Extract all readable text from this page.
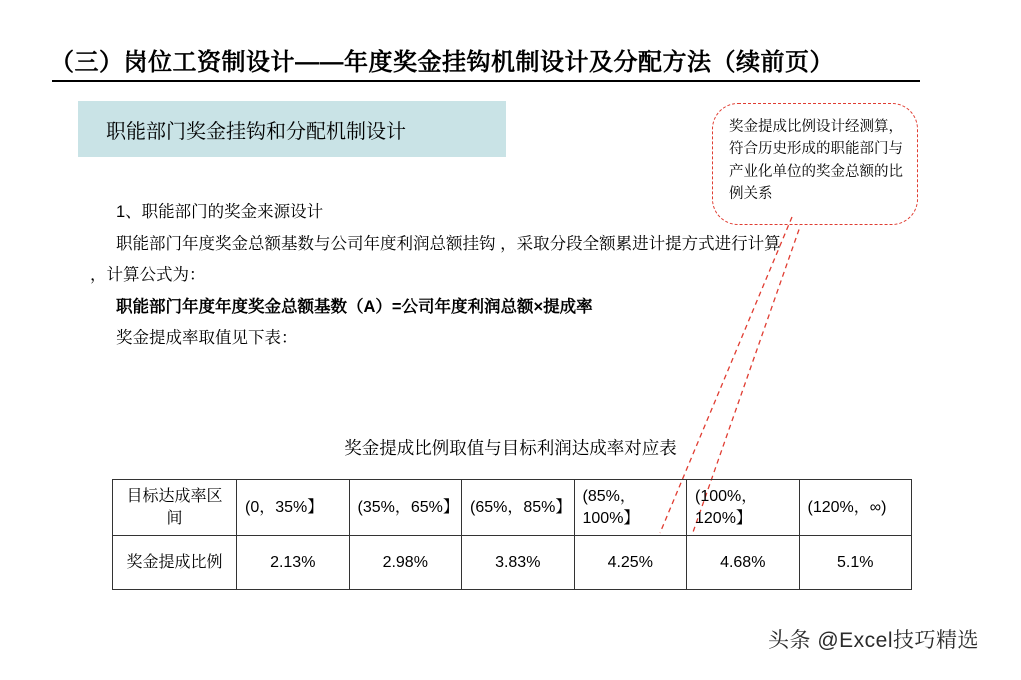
（三）岗位工资制设计——年度奖金挂钩机制设计及分配方法（续前页）
职能部门奖金挂钩和分配机制设计	奖金提成比例设计经测算，符合历史形成的职能部门与产业化单位的奖金总额的比例关系

1、职能部门的奖金来源设计

职能部门年度奖金总额基数与公司年度利润总额挂钩 ，采取分段全额累进计提方式进行计算

，计算公式为：

职能部门年度年度奖金总额基数（A）=公司年度利润总额×提成率

奖金提成率取值见下表：

奖金提成比例取值与目标利润达成率对应表
目标达成率区间	(0，35%】	(35%，65%】	(65%，85%】	(85%，100%】	(100%，120%】	(120%，∞)
奖金提成比例	2.13%	2.98%	3.83%	4.25%	4.68%	5.1%
头条 @Excel技巧精选
